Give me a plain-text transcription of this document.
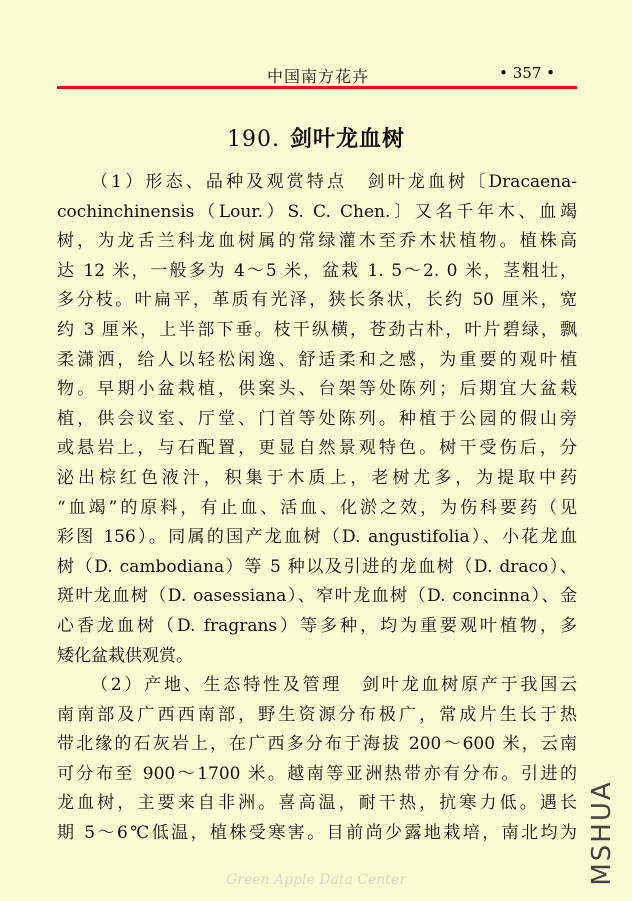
中国南方花卉	• 357 •
190. 剑叶龙血树
（1）形态、品种及观赏特点　剑叶龙血树〔Dracaena-
cochinchinensis（Lour.）S. C. Chen.〕又名千年木、血竭
树，为龙舌兰科龙血树属的常绿灌木至乔木状植物。植株高
达 12 米，一般多为 4～5 米，盆栽 1. 5～2. 0 米，茎粗壮，
多分枝。叶扁平，革质有光泽，狭长条状，长约 50 厘米，宽
约 3 厘米，上半部下垂。枝干纵横，苍劲古朴，叶片碧绿，飘
柔潇洒，给人以轻松闲逸、舒适柔和之感，为重要的观叶植
物。早期小盆栽植，供案头、台架等处陈列；后期宜大盆栽
植，供会议室、厅堂、门首等处陈列。种植于公园的假山旁
或悬岩上，与石配置，更显自然景观特色。树干受伤后，分
泌出棕红色液汁，积集于木质上，老树尤多，为提取中药
“血竭”的原料，有止血、活血、化淤之效，为伤科要药（见
彩图 156）。同属的国产龙血树（D. angustifolia）、小花龙血
树（D. cambodiana）等 5 种以及引进的龙血树（D. draco）、
斑叶龙血树（D. oasessiana）、窄叶龙血树（D. concinna）、金
心香龙血树（D. fragrans）等多种，均为重要观叶植物，多
矮化盆栽供观赏。
（2）产地、生态特性及管理　剑叶龙血树原产于我国云
南南部及广西西南部，野生资源分布极广，常成片生长于热
带北缘的石灰岩上，在广西多分布于海拔 200～600 米，云南
可分布至 900～1700 米。越南等亚洲热带亦有分布。引进的
龙血树，主要来自非洲。喜高温，耐干热，抗寒力低。遇长
期 5～6℃低温，植株受寒害。目前尚少露地栽培，南北均为 MSHUA
Green Apple Data Center
